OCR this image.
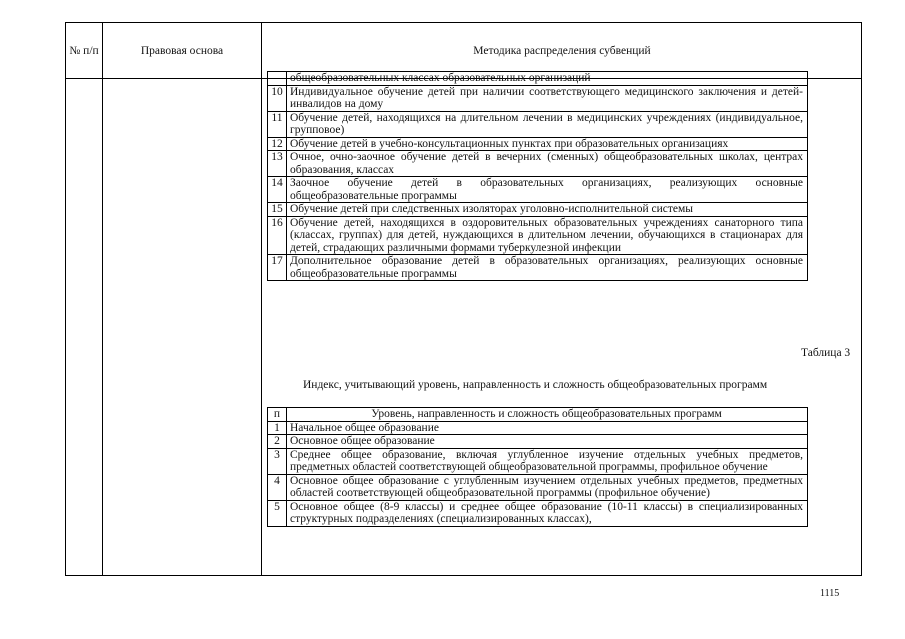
№ п/п	Правовая основа	Методика распределения субвенций
	общеобразовательных классах образовательных организаций
10	Индивидуальное обучение детей при наличии соответствующего медицинского заключения и детей-инвалидов на дому
11	Обучение детей, находящихся на длительном лечении в медицинских учреждениях (индивидуальное, групповое)
12	Обучение детей в учебно-консультационных пунктах при образовательных организациях
13	Очное, очно-заочное обучение детей в вечерних (сменных) общеобразовательных школах, центрах образования, классах
14	Заочное обучение детей в образовательных организациях, реализующих основные общеобразовательные программы
15	Обучение детей при следственных изоляторах уголовно-исполнительной системы
16	Обучение детей, находящихся в оздоровительных образовательных учреждениях санаторного типа (классах, группах) для детей, нуждающихся в длительном лечении, обучающихся в стационарах для детей, страдающих различными формами туберкулезной инфекции
17	Дополнительное образование детей в образовательных организациях, реализующих основные общеобразовательные программы
Таблица 3
Индекс, учитывающий уровень, направленность и сложность общеобразовательных программ
п	Уровень, направленность и сложность общеобразовательных программ
1	Начальное общее образование
2	Основное общее образование
3	Среднее общее образование, включая углубленное изучение отдельных учебных предметов, предметных областей соответствующей общеобразовательной программы, профильное обучение
4	Основное общее образование с углубленным изучением отдельных учебных предметов, предметных областей соответствующей общеобразовательной программы (профильное обучение)
5	Основное общее (8-9 классы) и среднее общее образование (10-11 классы) в специализированных структурных подразделениях (специализированных классах),
1115
